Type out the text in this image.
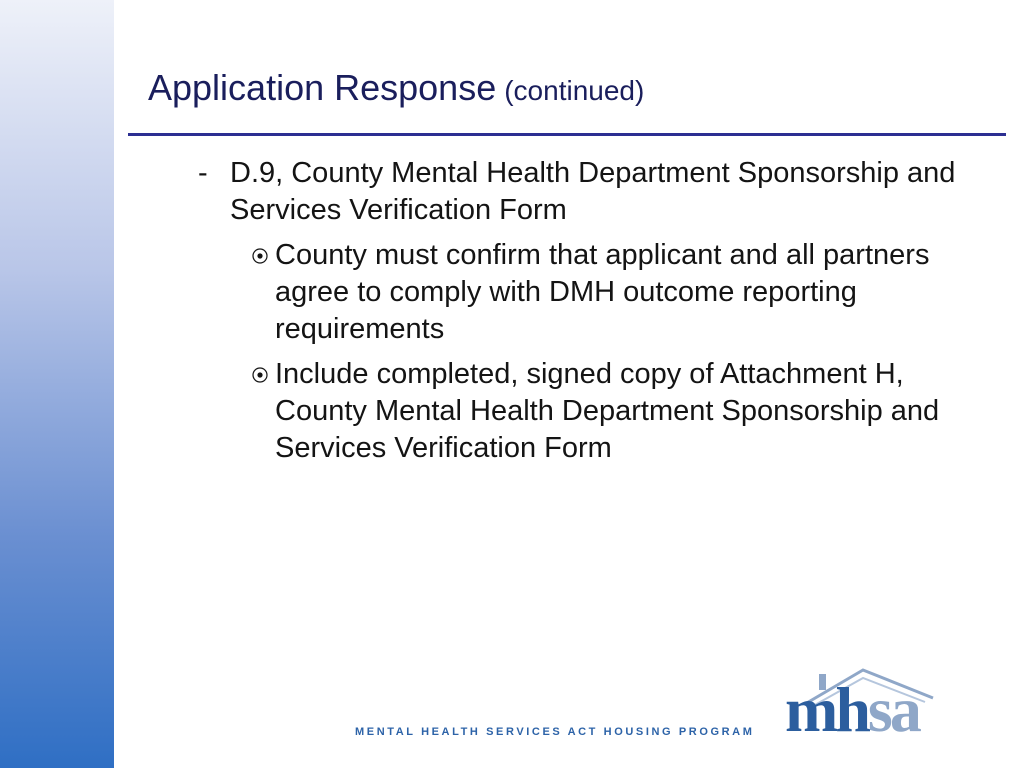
Application Response (continued)
- D.9, County Mental Health Department Sponsorship and Services Verification Form
County must confirm that applicant and all partners agree to comply with DMH outcome reporting requirements
Include completed, signed copy of Attachment H, County Mental Health Department Sponsorship and Services Verification Form
MENTAL HEALTH SERVICES ACT HOUSING PROGRAM mhsa
